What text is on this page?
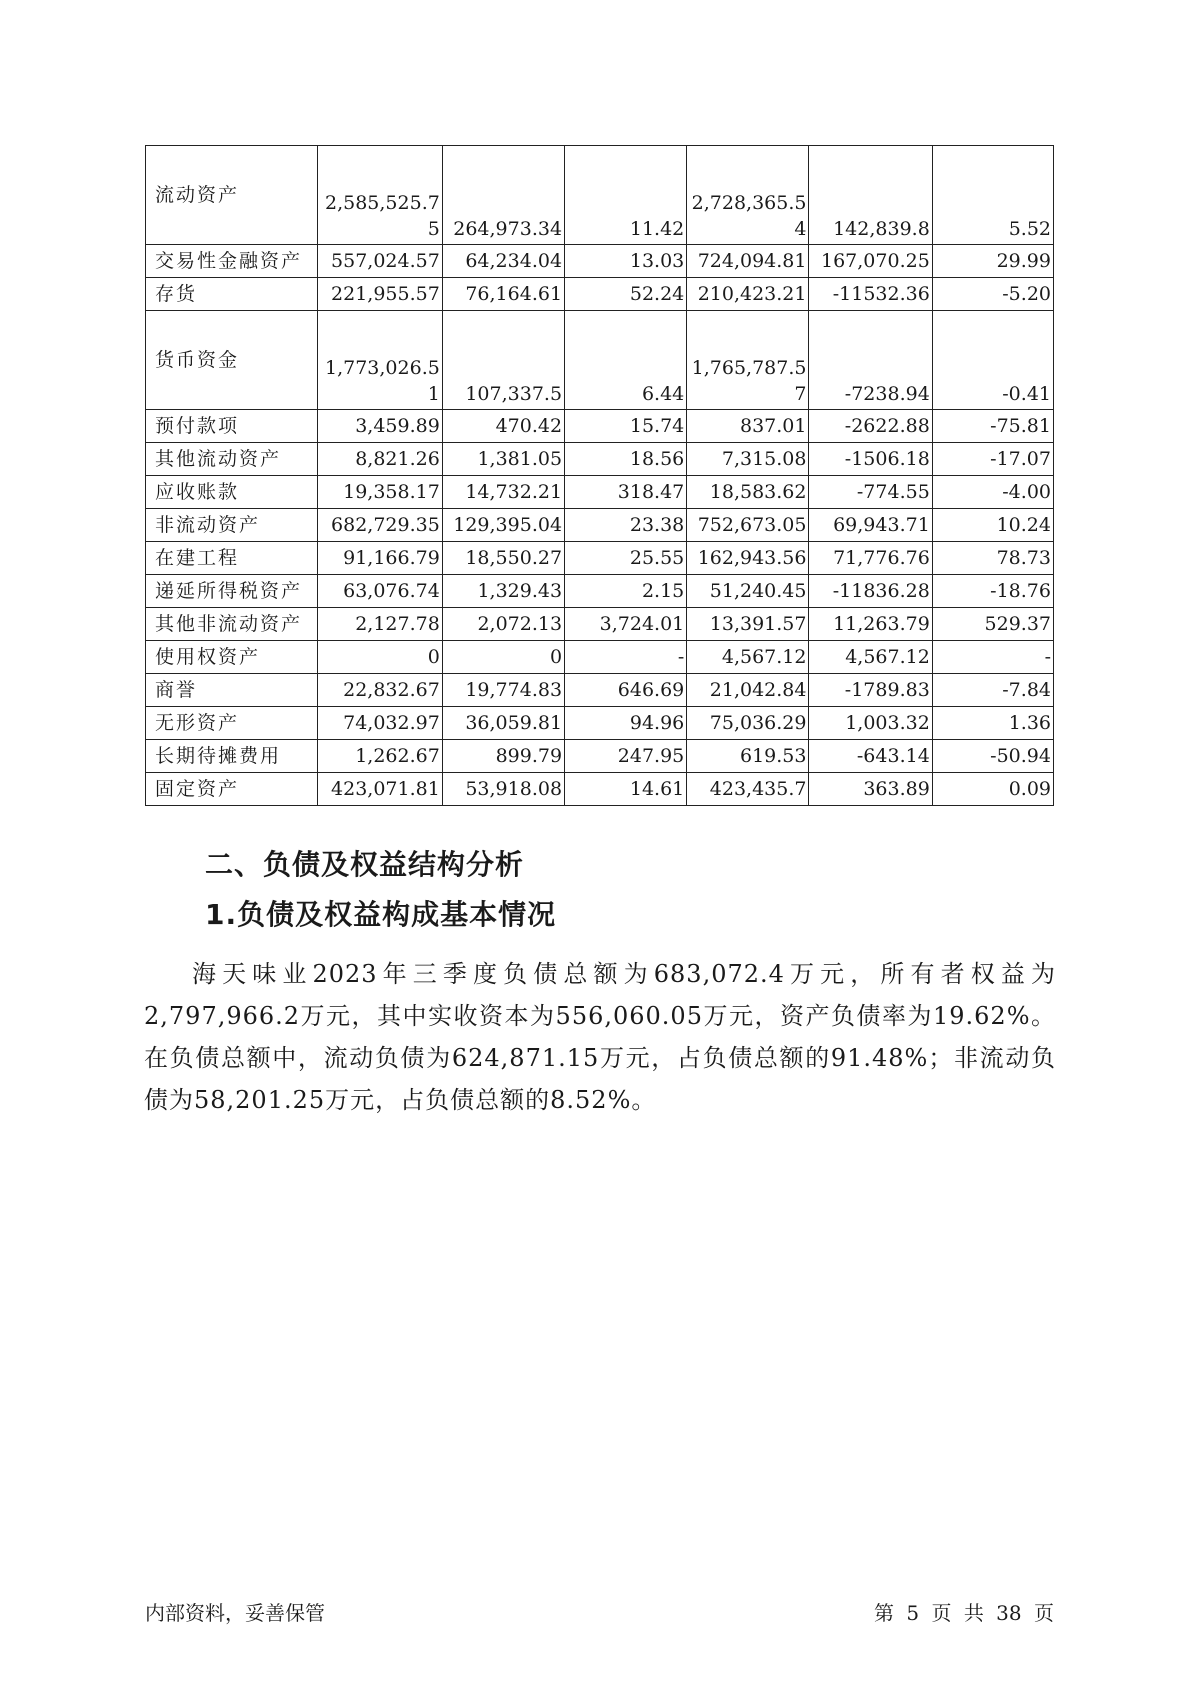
流动资产	2,585,525.75	264,973.34	11.42	2,728,365.54	142,839.8	5.52
交易性金融资产	557,024.57	64,234.04	13.03	724,094.81	167,070.25	29.99
存货	221,955.57	76,164.61	52.24	210,423.21	-11532.36	-5.20
货币资金	1,773,026.51	107,337.5	6.44	1,765,787.57	-7238.94	-0.41
预付款项	3,459.89	470.42	15.74	837.01	-2622.88	-75.81
其他流动资产	8,821.26	1,381.05	18.56	7,315.08	-1506.18	-17.07
应收账款	19,358.17	14,732.21	318.47	18,583.62	-774.55	-4.00
非流动资产	682,729.35	129,395.04	23.38	752,673.05	69,943.71	10.24
在建工程	91,166.79	18,550.27	25.55	162,943.56	71,776.76	78.73
递延所得税资产	63,076.74	1,329.43	2.15	51,240.45	-11836.28	-18.76
其他非流动资产	2,127.78	2,072.13	3,724.01	13,391.57	11,263.79	529.37
使用权资产	0	0	-	4,567.12	4,567.12	-
商誉	22,832.67	19,774.83	646.69	21,042.84	-1789.83	-7.84
无形资产	74,032.97	36,059.81	94.96	75,036.29	1,003.32	1.36
长期待摊费用	1,262.67	899.79	247.95	619.53	-643.14	-50.94
固定资产	423,071.81	53,918.08	14.61	423,435.7	363.89	0.09
二、负债及权益结构分析
1.负债及权益构成基本情况

海天味业2023年三季度负债总额为683,072.4万元，所有者权益为2,797,966.2万元，其中实收资本为556,060.05万元，资产负债率为19.62%。在负债总额中，流动负债为624,871.15万元，占负债总额的91.48%；非流动负债为58,201.25万元，占负债总额的8.52%。

内部资料，妥善保管	第 5 页 共 38 页
